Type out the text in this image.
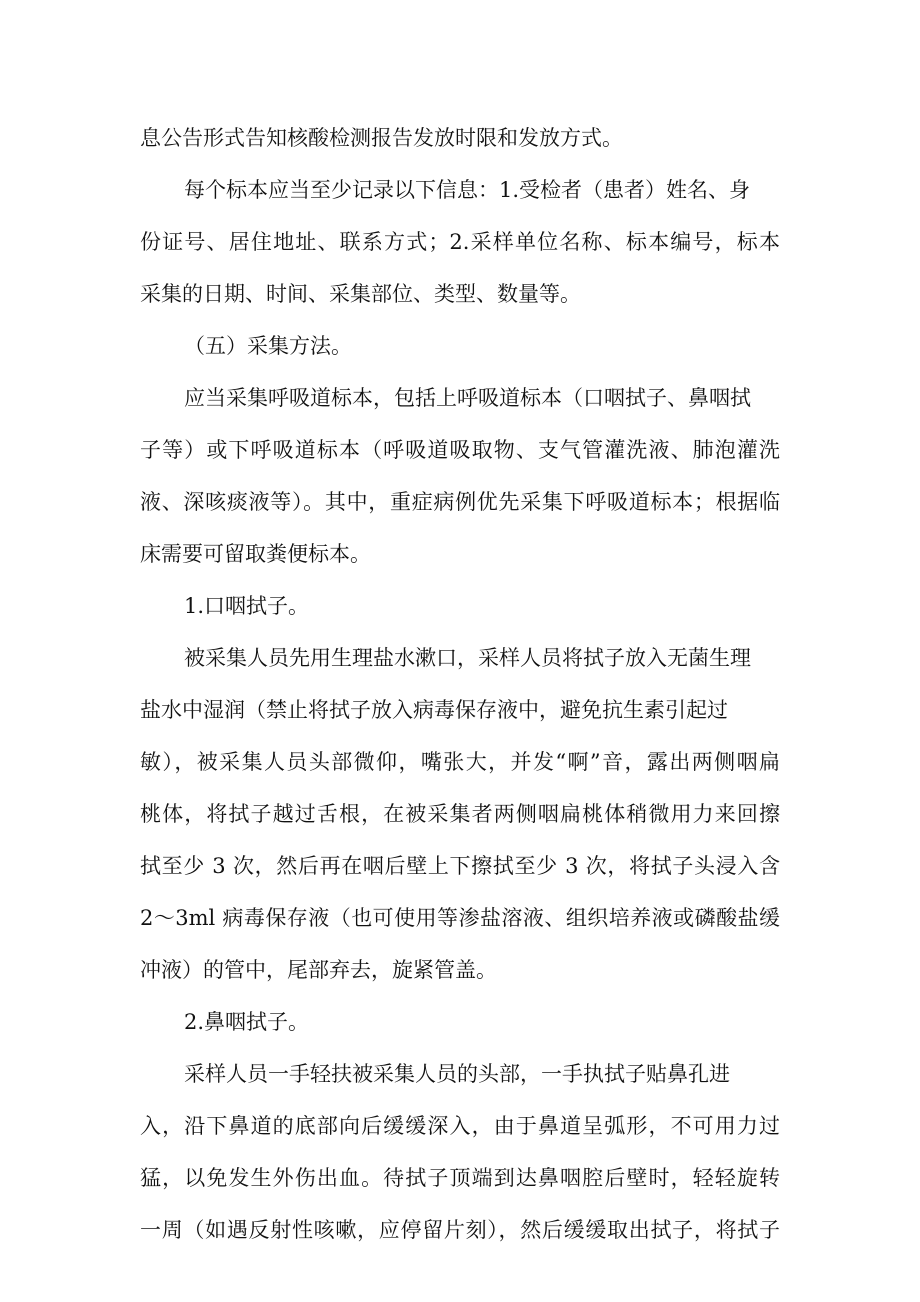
息公告形式告知核酸检测报告发放时限和发放方式。
每个标本应当至少记录以下信息：1.受检者（患者）姓名、身
份证号、居住地址、联系方式；2.采样单位名称、标本编号，标本
采集的日期、时间、采集部位、类型、数量等。
（五）采集方法。
应当采集呼吸道标本，包括上呼吸道标本（口咽拭子、鼻咽拭
子等）或下呼吸道标本（呼吸道吸取物、支气管灌洗液、肺泡灌洗
液、深咳痰液等）。其中，重症病例优先采集下呼吸道标本；根据临
床需要可留取粪便标本。
1.口咽拭子。
被采集人员先用生理盐水漱口，采样人员将拭子放入无菌生理
盐水中湿润（禁止将拭子放入病毒保存液中，避免抗生素引起过
敏），被采集人员头部微仰，嘴张大，并发“啊”音，露出两侧咽扁
桃体，将拭子越过舌根，在被采集者两侧咽扁桃体稍微用力来回擦
拭至少 3 次，然后再在咽后壁上下擦拭至少 3 次，将拭子头浸入含
2～3ml 病毒保存液（也可使用等渗盐溶液、组织培养液或磷酸盐缓
冲液）的管中，尾部弃去，旋紧管盖。
2.鼻咽拭子。
采样人员一手轻扶被采集人员的头部，一手执拭子贴鼻孔进
入，沿下鼻道的底部向后缓缓深入，由于鼻道呈弧形，不可用力过
猛，以免发生外伤出血。待拭子顶端到达鼻咽腔后壁时，轻轻旋转
一周（如遇反射性咳嗽，应停留片刻），然后缓缓取出拭子，将拭子
